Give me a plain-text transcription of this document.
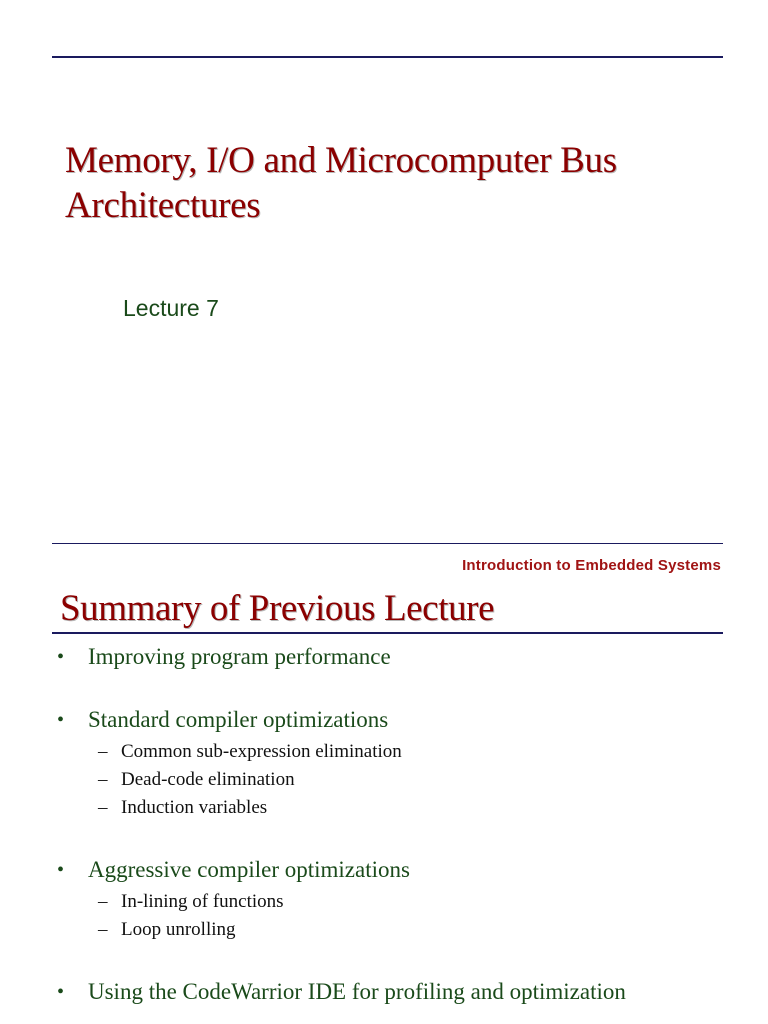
Memory, I/O and Microcomputer Bus
Architectures

Lecture 7

Introduction to Embedded Systems

Summary of Previous Lecture
• Improving program performance
• Standard compiler optimizations
– Common sub-expression elimination
– Dead-code elimination
– Induction variables
• Aggressive compiler optimizations
– In-lining of functions
– Loop unrolling
• Using the CodeWarrior IDE for profiling and optimization
